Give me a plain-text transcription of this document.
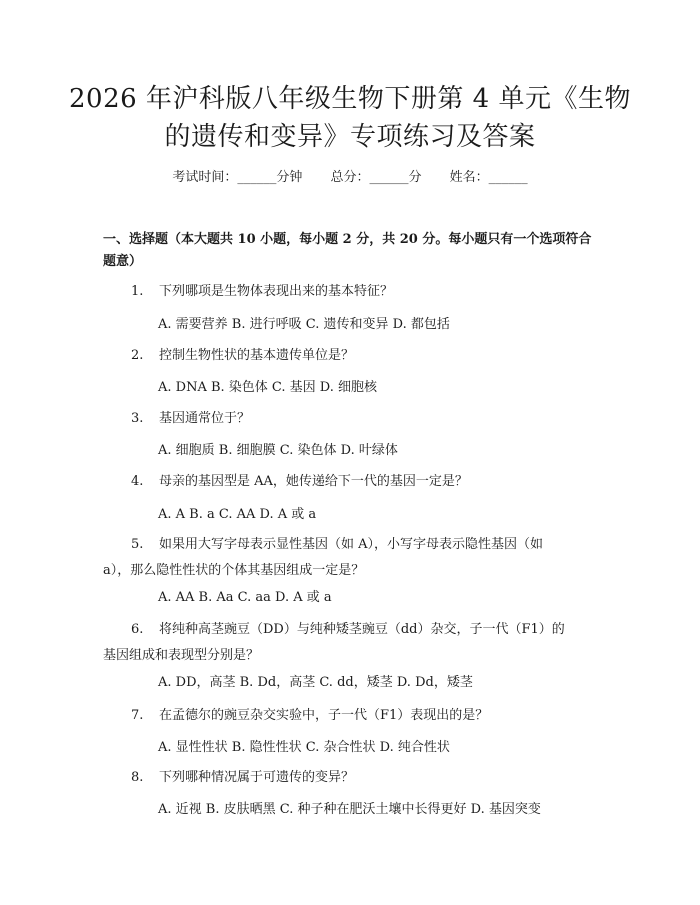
2026 年沪科版八年级生物下册第 4 单元《生物的遗传和变异》专项练习及答案
考试时间：______分钟 总分：______分 姓名：______
一、选择题（本大题共 10 小题，每小题 2 分，共 20 分。每小题只有一个选项符合题意）
1. 下列哪项是生物体表现出来的基本特征？
A. 需要营养 B. 进行呼吸 C. 遗传和变异 D. 都包括
2. 控制生物性状的基本遗传单位是？
A. DNA B. 染色体 C. 基因 D. 细胞核
3. 基因通常位于？
A. 细胞质 B. 细胞膜 C. 染色体 D. 叶绿体
4. 母亲的基因型是 AA，她传递给下一代的基因一定是？
A. A B. a C. AA D. A 或 a
5. 如果用大写字母表示显性基因（如 A），小写字母表示隐性基因（如 a），那么隐性性状的个体其基因组成一定是？
A. AA B. Aa C. aa D. A 或 a
6. 将纯种高茎豌豆（DD）与纯种矮茎豌豆（dd）杂交，子一代（F1）的基因组成和表现型分别是？
A. DD，高茎 B. Dd，高茎 C. dd，矮茎 D. Dd，矮茎
7. 在孟德尔的豌豆杂交实验中，子一代（F1）表现出的是？
A. 显性性状 B. 隐性性状 C. 杂合性状 D. 纯合性状
8. 下列哪种情况属于可遗传的变异？
A. 近视 B. 皮肤晒黑 C. 种子种在肥沃土壤中长得更好 D. 基因突变
